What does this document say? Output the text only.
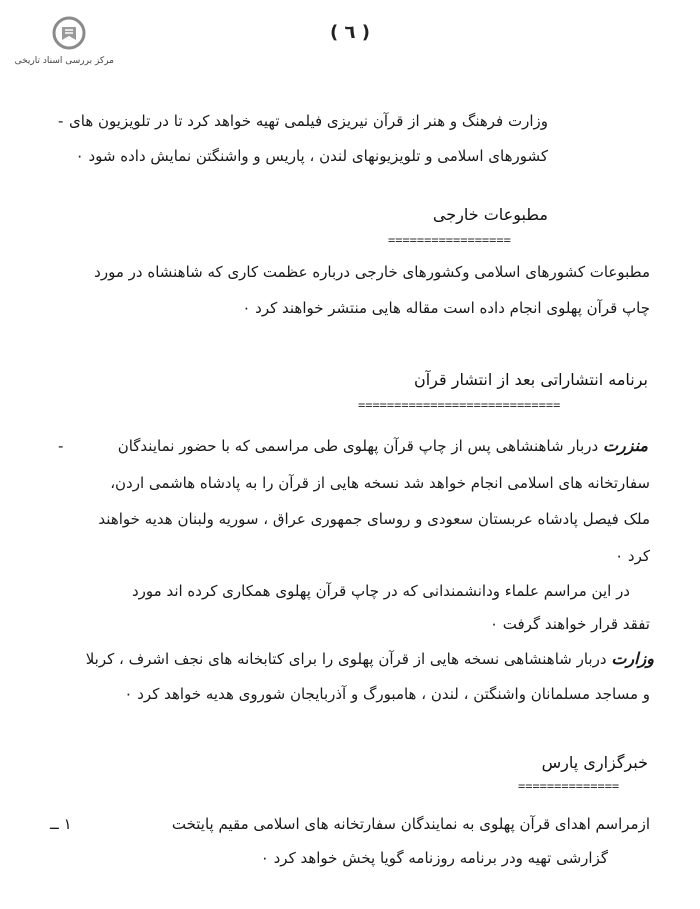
مرکز بررسی اسناد تاریخی
( ٦ )
وزارت فرهنگ و هنر از قرآن نیریزی فیلمی تهیه خواهد کرد تا در تلویزیون های
-
کشورهای اسلامی و تلویزیونهای لندن ، پاریس و واشنگتن نمایش داده شود ۰
مطبوعات خارجی
=================
مطبوعات کشورهای اسلامی وکشورهای خارجی درباره عظمت کاری که شاهنشاه در مورد
چاپ قرآن پهلوی انجام داده است مقاله هایی منتشر خواهند کرد ۰
برنامه انتشاراتی بعد از انتشار قرآن
============================
منزرت دربار شاهنشاهی پس از چاپ قرآن پهلوی طی مراسمی که با حضور نمایندگان
-
سفارتخانه های اسلامی انجام خواهد شد نسخه هایی از قرآن را به پادشاه هاشمی اردن،
ملک فیصل پادشاه عربستان سعودی و روسای جمهوری عراق ، سوریه ولبنان هدیه خواهند
کرد ۰
در این مراسم علماء ودانشمندانی که در چاپ قرآن پهلوی همکاری کرده اند مورد
تفقد قرار خواهند گرفت ۰
وزارت دربار شاهنشاهی نسخه هایی از قرآن پهلوی را برای کتابخانه های نجف اشرف ، کربلا
و مساجد مسلمانان واشنگتن ، لندن ، هامبورگ و آذربایجان شوروی هدیه خواهد کرد ۰
خبرگزاری پارس
==============
ازمراسم اهدای قرآن پهلوی به نمایندگان سفارتخانه های اسلامی مقیم پایتخت
١ ــ
گزارشی تهیه ودر برنامه روزنامه گویا پخش خواهد کرد ۰
